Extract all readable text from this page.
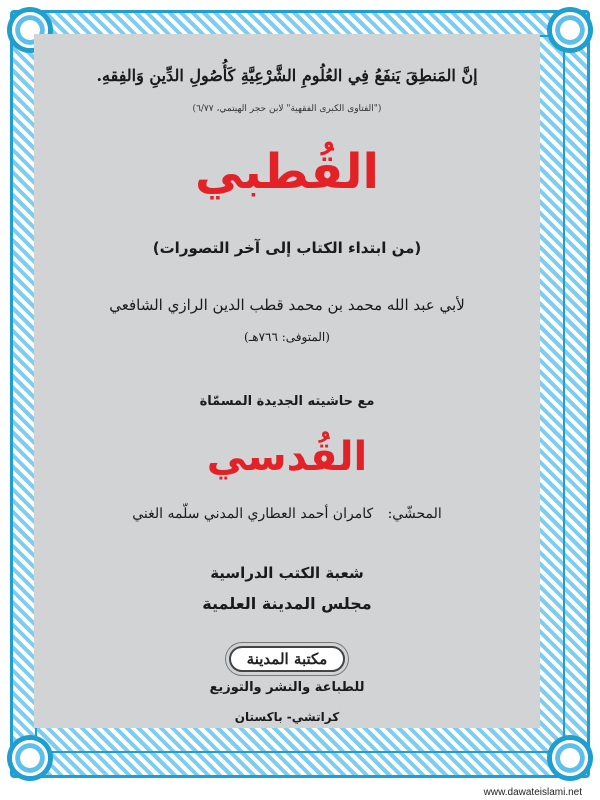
إنَّ المَنطِقَ يَنفَعُ فِي العُلُومِ الشَّرْعِيَّةِ كَأُصُولِ الدِّينِ وَالفِقهِ.
("الفتاوى الكبرى الفقهية" لابن حجر الهيتمي، ٦/٧٧)
القُطبي
(من ابتداء الكتاب إلى آخر التصورات)
لأبي عبد الله محمد بن محمد قطب الدين الرازي الشافعي
(المتوفى: ٧٦٦هـ)
مع حاشيته الجديدة المسمّاة
القُدسي
المحشّي: كامران أحمد العطاري المدني سلّمه الغني
شعبة الكتب الدراسية
مجلس المدينة العلمية
مكتبة المدينة
للطباعة والنشر والتوزيع
كراتشي- باكستان
www.dawateislami.net
